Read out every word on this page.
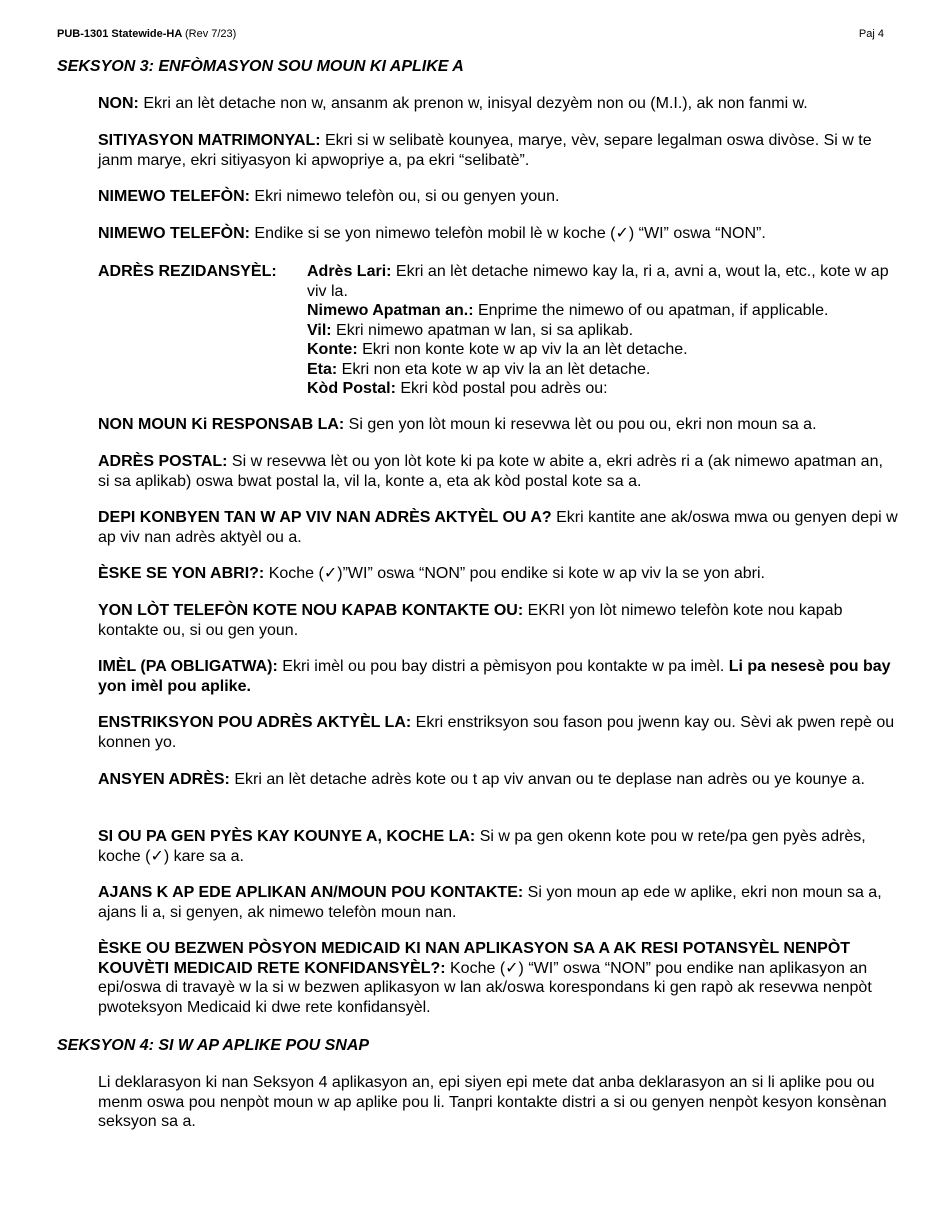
PUB-1301 Statewide-HA (Rev 7/23)	Paj 4
SEKSYON 3: ENFÒMASYON SOU MOUN KI APLIKE A
NON: Ekri an lèt detache non w, ansanm ak prenon w, inisyal dezyèm non ou (M.I.), ak non fanmi w.
SITIYASYON MATRIMONYAL: Ekri si w selibatè kounyea, marye, vèv, separe legalman oswa divòse. Si w te janm marye, ekri sitiyasyon ki apwopriye a, pa ekri “selibatè”.
NIMEWO TELEFÒN: Ekri nimewo telefòn ou, si ou genyen youn.
NIMEWO TELEFÒN: Endike si se yon nimewo telefòn mobil lè w koche (✓) “WI” oswa “NON”.
ADRÈS REZIDANSYÈL: Adrès Lari: Ekri an lèt detache nimewo kay la, ri a, avni a, wout la, etc., kote w ap viv la.
Nimewo Apatman an.: Enprime the nimewo of ou apatman, if applicable.
Vil: Ekri nimewo apatman w lan, si sa aplikab.
Konte: Ekri non konte kote w ap viv la an lèt detache.
Eta: Ekri non eta kote w ap viv la an lèt detache.
Kòd Postal: Ekri kòd postal pou adrès ou:
NON MOUN Ki RESPONSAB LA: Si gen yon lòt moun ki resevwa lèt ou pou ou, ekri non moun sa a.
ADRÈS POSTAL: Si w resevwa lèt ou yon lòt kote ki pa kote w abite a, ekri adrès ri a (ak nimewo apatman an, si sa aplikab) oswa bwat postal la, vil la, konte a, eta ak kòd postal kote sa a.
DEPI KONBYEN TAN W AP VIV NAN ADRÈS AKTYÈL OU A? Ekri kantite ane ak/oswa mwa ou genyen depi w ap viv nan adrès aktyèl ou a.
ÈSKE SE YON ABRI?: Koche (✓)”WI” oswa “NON” pou endike si kote w ap viv la se yon abri.
YON LÒT TELEFÒN KOTE NOU KAPAB KONTAKTE OU: EKRI yon lòt nimewo telefòn kote nou kapab kontakte ou, si ou gen youn.
IMÈL (PA OBLIGATWA): Ekri imèl ou pou bay distri a pèmisyon pou kontakte w pa imèl. Li pa nesesè pou bay yon imèl pou aplike.
ENSTRIKSYON POU ADRÈS AKTYÈL LA: Ekri enstriksyon sou fason pou jwenn kay ou. Sèvi ak pwen repè ou konnen yo.
ANSYEN ADRÈS: Ekri an lèt detache adrès kote ou t ap viv anvan ou te deplase nan adrès ou ye kounye a.
SI OU PA GEN PYÈS KAY KOUNYE A, KOCHE LA: Si w pa gen okenn kote pou w rete/pa gen pyès adrès, koche (✓) kare sa a.
AJANS K AP EDE APLIKAN AN/MOUN POU KONTAKTE: Si yon moun ap ede w aplike, ekri non moun sa a, ajans li a, si genyen, ak nimewo telefòn moun nan.
ÈSKE OU BEZWEN PÒSYON MEDICAID KI NAN APLIKASYON SA A AK RESI POTANSYÈL NENPÒT KOUVÈTI MEDICAID RETE KONFIDANSYÈL?: Koche (✓) “WI” oswa “NON” pou endike nan aplikasyon an epi/oswa di travayè w la si w bezwen aplikasyon w lan ak/oswa korespondans ki gen rapò ak resevwa nenpòt pwoteksyon Medicaid ki dwe rete konfidansyèl.
SEKSYON 4: SI W AP APLIKE POU SNAP
Li deklarasyon ki nan Seksyon 4 aplikasyon an, epi siyen epi mete dat anba deklarasyon an si li aplike pou ou menm oswa pou nenpòt moun w ap aplike pou li. Tanpri kontakte distri a si ou genyen nenpòt kesyon konsènan seksyon sa a.
